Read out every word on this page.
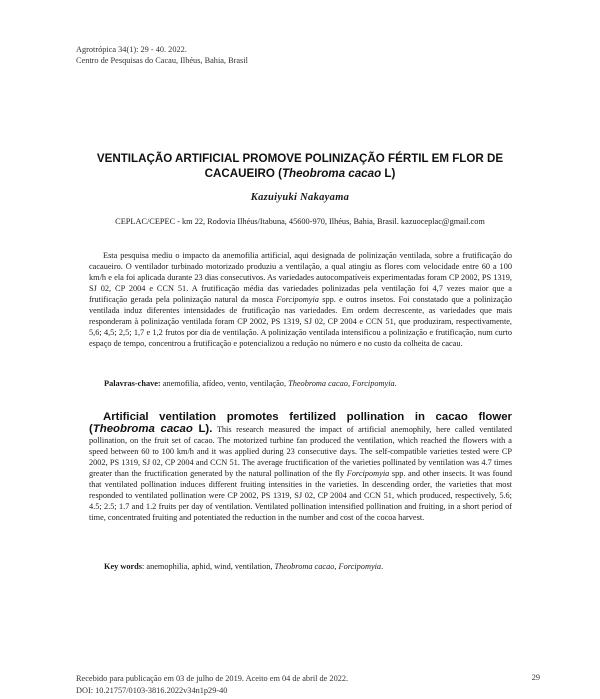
Agrotrópica 34(1): 29 - 40. 2022.
Centro de Pesquisas do Cacau, Ilhéus, Bahia, Brasil
VENTILAÇÃO ARTIFICIAL PROMOVE POLINIZAÇÃO FÉRTIL EM FLOR DE
CACAUEIRO (Theobroma cacao L)
Kazuiyuki Nakayama
CEPLAC/CEPEC - km 22, Rodovia Ilhéus/Itabuna, 45600-970, Ilhéus, Bahia, Brasil. kazuoceplac@gmail.com
Esta pesquisa mediu o impacto da anemofilia artificial, aqui designada de polinização ventilada, sobre a frutificação do cacaueiro. O ventilador turbinado motorizado produziu a ventilação, a qual atingiu as flores com velocidade entre 60 a 100 km/h e ela foi aplicada durante 23 dias consecutivos. As variedades autocompatíveis experimentadas foram CP 2002, PS 1319, SJ 02, CP 2004 e CCN 51. A frutificação média das variedades polinizadas pela ventilação foi 4,7 vezes maior que a frutificação gerada pela polinização natural da mosca Forcipomyia spp. e outros insetos. Foi constatado que a polinização ventilada induz diferentes intensidades de frutificação nas variedades. Em ordem decrescente, as variedades que mais responderam à polinização ventilada foram CP 2002, PS 1319, SJ 02, CP 2004 e CCN 51, que produziram, respectivamente, 5,6; 4,5; 2,5; 1,7 e 1,2 frutos por dia de ventilação. A polinização ventilada intensificou a polinização e frutificação, num curto espaço de tempo, concentrou a frutificação e potencializou a redução no número e no custo da colheita de cacau.
Palavras-chave: anemofilia, afídeo, vento, ventilação, Theobroma cacao, Forcipomyia.
Artificial ventilation promotes fertilized pollination in cacao flower (Theobroma cacao L). This research measured the impact of artificial anemophily, here called ventilated pollination, on the fruit set of cacao. The motorized turbine fan produced the ventilation, which reached the flowers with a speed between 60 to 100 km/h and it was applied during 23 consecutive days. The self-compatible varieties tested were CP 2002, PS 1319, SJ 02, CP 2004 and CCN 51. The average fructification of the varieties pollinated by ventilation was 4.7 times greater than the fructification generated by the natural pollination of the fly Forcipomyia spp. and other insects. It was found that ventilated pollination induces different fruiting intensities in the varieties. In descending order, the varieties that most responded to ventilated pollination were CP 2002, PS 1319, SJ 02, CP 2004 and CCN 51, which produced, respectively, 5.6; 4.5; 2.5; 1.7 and 1.2 fruits per day of ventilation. Ventilated pollination intensified pollination and fruiting, in a short period of time, concentrated fruiting and potentiated the reduction in the number and cost of the cocoa harvest.
Key words: anemophilia, aphid, wind, ventilation, Theobroma cacao, Forcipomyia.
Recebido para publicação em 03 de julho de 2019. Aceito em 04 de abril de 2022.
DOI: 10.21757/0103-3816.2022v34n1p29-40
29
